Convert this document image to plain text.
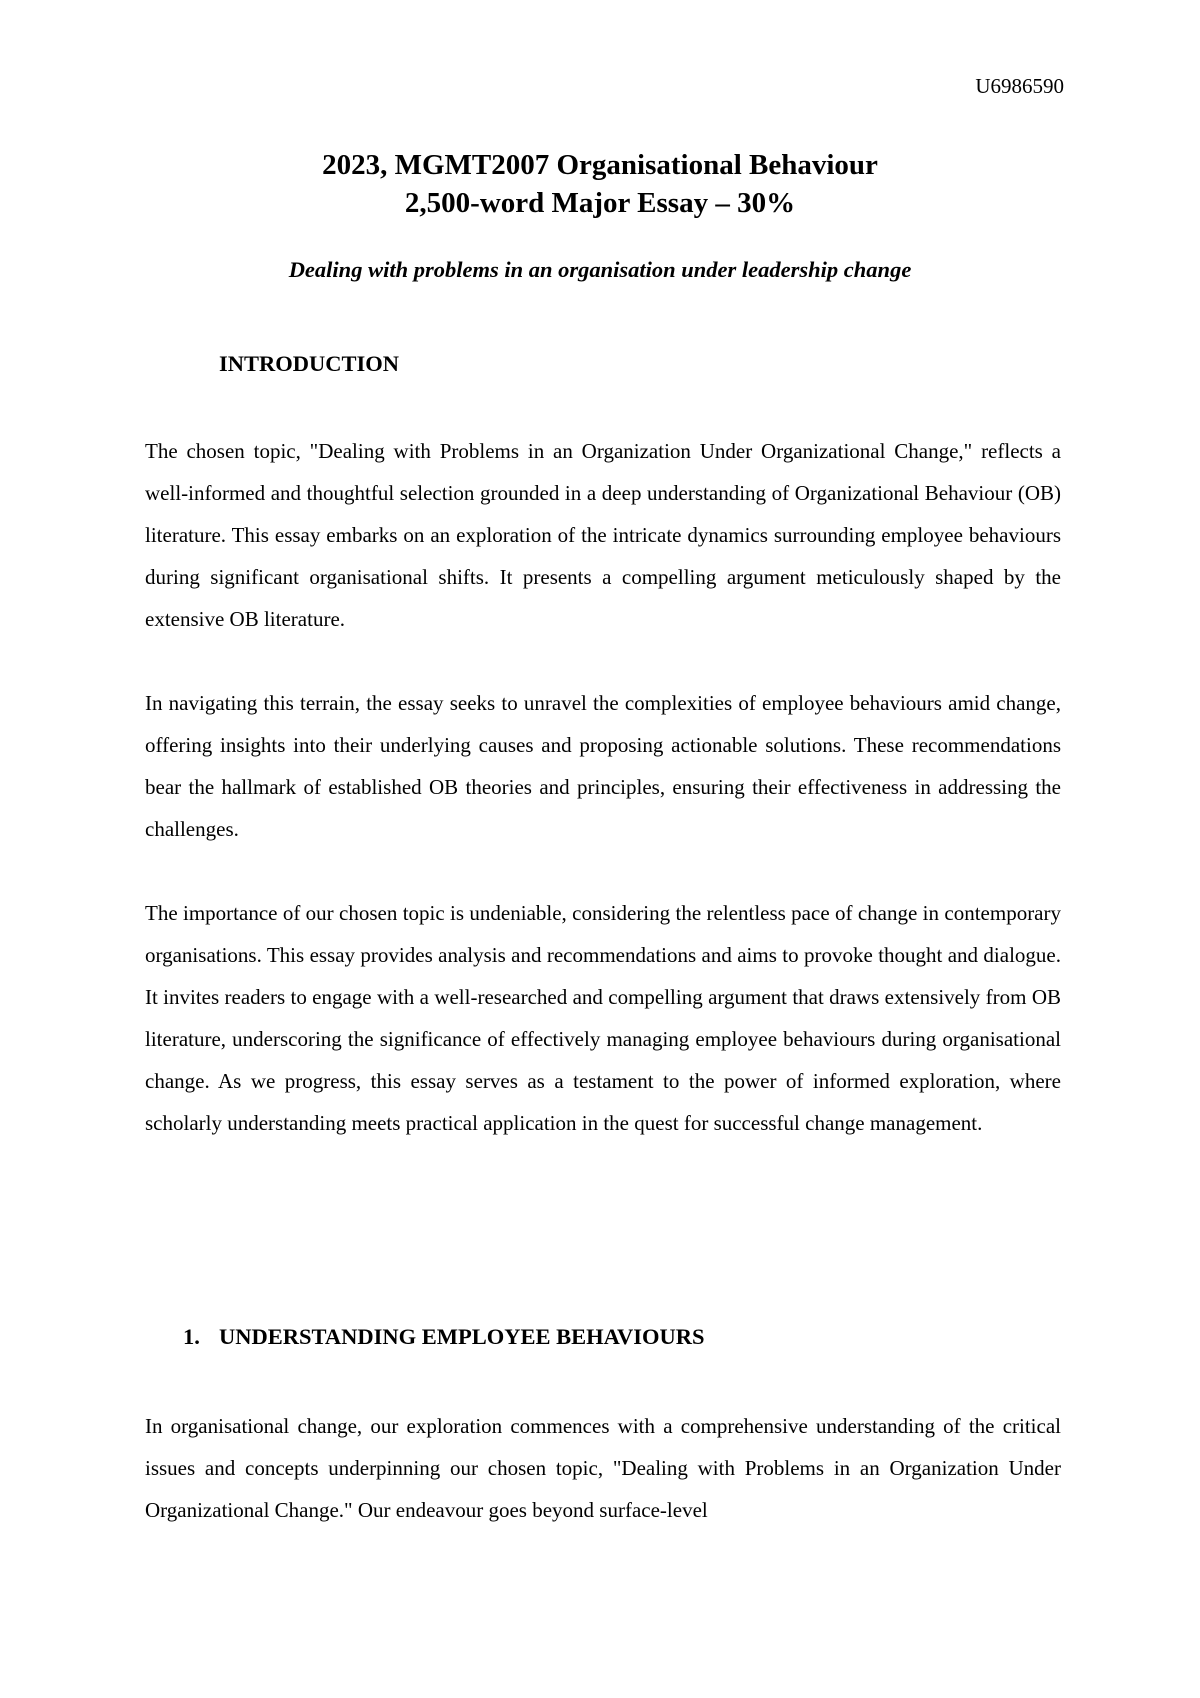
U6986590
2023, MGMT2007 Organisational Behaviour
2,500-word Major Essay – 30%
Dealing with problems in an organisation under leadership change
INTRODUCTION

The chosen topic, "Dealing with Problems in an Organization Under Organizational Change," reflects a well-informed and thoughtful selection grounded in a deep understanding of Organizational Behaviour (OB) literature. This essay embarks on an exploration of the intricate dynamics surrounding employee behaviours during significant organisational shifts. It presents a compelling argument meticulously shaped by the extensive OB literature.

In navigating this terrain, the essay seeks to unravel the complexities of employee behaviours amid change, offering insights into their underlying causes and proposing actionable solutions. These recommendations bear the hallmark of established OB theories and principles, ensuring their effectiveness in addressing the challenges.

The importance of our chosen topic is undeniable, considering the relentless pace of change in contemporary organisations. This essay provides analysis and recommendations and aims to provoke thought and dialogue. It invites readers to engage with a well-researched and compelling argument that draws extensively from OB literature, underscoring the significance of effectively managing employee behaviours during organisational change. As we progress, this essay serves as a testament to the power of informed exploration, where scholarly understanding meets practical application in the quest for successful change management.

1. UNDERSTANDING EMPLOYEE BEHAVIOURS

In organisational change, our exploration commences with a comprehensive understanding of the critical issues and concepts underpinning our chosen topic, "Dealing with Problems in an Organization Under Organizational Change." Our endeavour goes beyond surface-level
